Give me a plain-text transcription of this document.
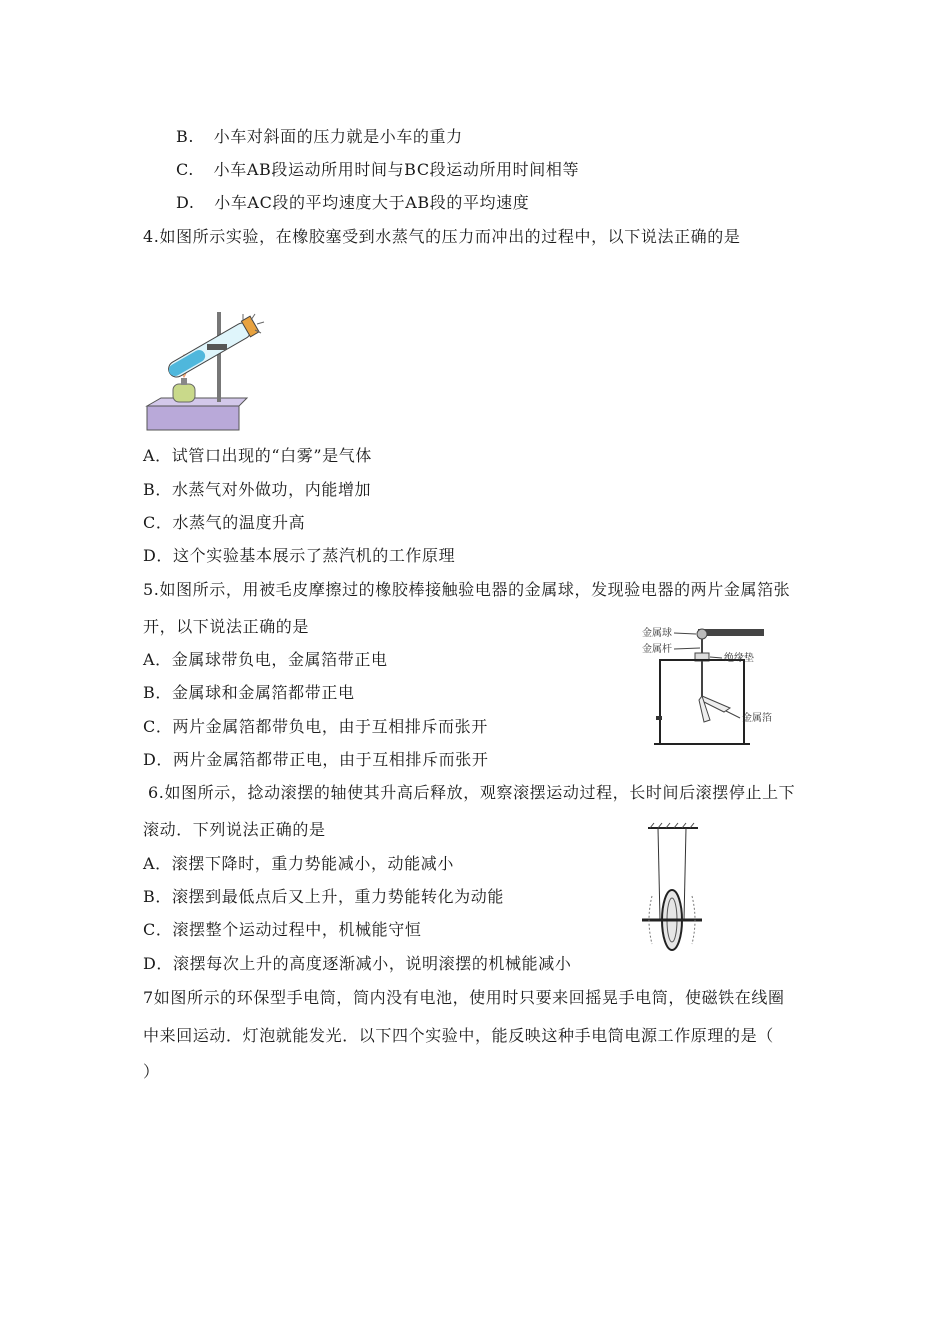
B. 小车对斜面的压力就是小车的重力
C. 小车AB段运动所用时间与BC段运动所用时间相等
D. 小车AC段的平均速度大于AB段的平均速度
4.如图所示实验，在橡胶塞受到水蒸气的压力而冲出的过程中，以下说法正确的是
A．试管口出现的“白雾”是气体
B．水蒸气对外做功，内能增加
C．水蒸气的温度升高
D．这个实验基本展示了蒸汽机的工作原理
5.如图所示，用被毛皮摩擦过的橡胶棒接触验电器的金属球，发现验电器的两片金属箔张
开，以下说法正确的是
A．金属球带负电，金属箔带正电
B．金属球和金属箔都带正电
C．两片金属箔都带负电，由于互相排斥而张开
D．两片金属箔都带正电，由于互相排斥而张开
金属球
金属杆
绝缘垫
金属箔
6.如图所示，捻动滚摆的轴使其升高后释放，观察滚摆运动过程，长时间后滚摆停止上下
滚动．下列说法正确的是
A．滚摆下降时，重力势能减小，动能减小
B．滚摆到最低点后又上升，重力势能转化为动能
C．滚摆整个运动过程中，机械能守恒
D．滚摆每次上升的高度逐渐减小，说明滚摆的机械能减小
7如图所示的环保型手电筒，筒内没有电池，使用时只要来回摇晃手电筒，使磁铁在线圈
中来回运动．灯泡就能发光．以下四个实验中，能反映这种手电筒电源工作原理的是（
）
